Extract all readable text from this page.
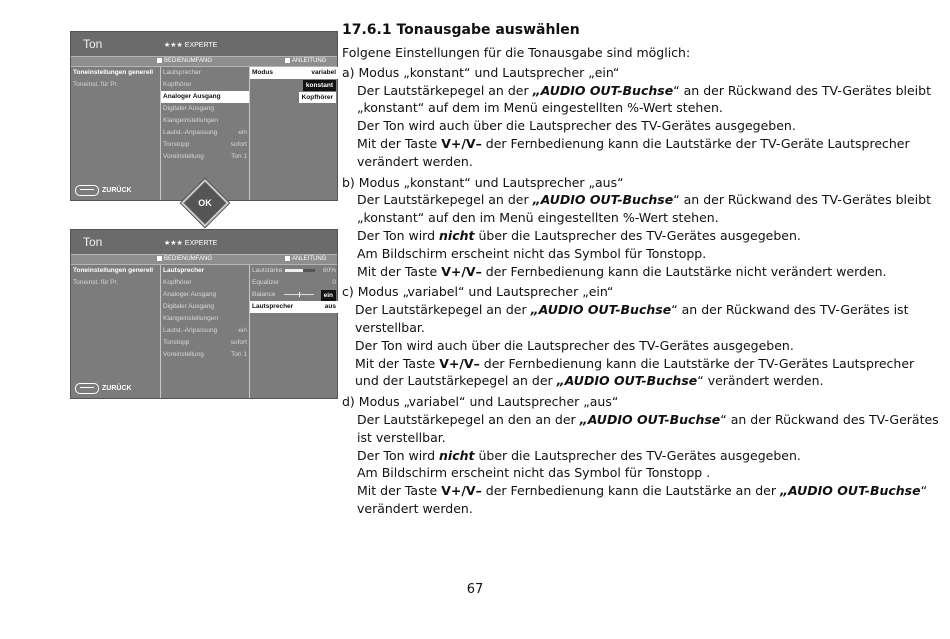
Ton	★★★ EXPERTE
BEDIENUMFANG	ANLEITUNG
Toneinstellungen generell
Toneinst. für Pr.
Lautsprecher
Kopfhörer
Analoger Ausgang
Digitaler Ausgang
Klangeinstellungen
Lautst.-Anpassung	ein
Tonstopp	sofort
Voreinstellung	Ton 1
Modus	variabel
konstant
Kopfhörer
ZURÜCK
OK
Ton	★★★ EXPERTE
BEDIENUMFANG	ANLEITUNG
Toneinstellungen generell
Toneinst. für Pr.
Lautsprecher
Kopfhörer
Analoger Ausgang
Digitaler Ausgang
Klangeinstellungen
Lautst.-Anpassung	ein
Tonstopp	sofort
Voreinstellung	Ton 1
Lautstärke	60%
Equalizer	0
Balance	ein
Lautsprecher	aus
ZURÜCK
17.6.1 Tonausgabe auswählen

Folgene Einstellungen für die Tonausgabe sind möglich:

a) Modus „konstant“ und Lautsprecher „ein“

Der Lautstärkepegel an der „AUDIO OUT-Buchse“ an der Rückwand des TV-Gerätes bleibt

„konstant“ auf dem im Menü eingestellten %-Wert stehen.

Der Ton wird auch über die Lautsprecher des TV-Gerätes ausgegeben.

Mit der Taste V+/V– der Fernbedienung kann die Lautstärke der TV-Geräte Lautsprecher

verändert werden.

b) Modus „konstant“ und Lautsprecher „aus“

Der Lautstärkepegel an der „AUDIO OUT-Buchse“ an der Rückwand des TV-Gerätes bleibt

„konstant“ auf den im Menü eingestellten %-Wert stehen.

Der Ton wird nicht über die Lautsprecher des TV-Gerätes ausgegeben.

Am Bildschirm erscheint nicht das Symbol für Tonstopp.

Mit der Taste V+/V– der Fernbedienung kann die Lautstärke nicht verändert werden.

c) Modus „variabel“ und Lautsprecher „ein“

Der Lautstärkepegel an der „AUDIO OUT-Buchse“ an der Rückwand des TV-Gerätes ist

verstellbar.

Der Ton wird auch über die Lautsprecher des TV-Gerätes ausgegeben.

Mit der Taste V+/V– der Fernbedienung kann die Lautstärke der TV-Gerätes Lautsprecher

und der Lautstärkepegel an der „AUDIO OUT-Buchse“ verändert werden.

d) Modus „variabel“ und Lautsprecher „aus“

Der Lautstärkepegel an den an der „AUDIO OUT-Buchse“ an der Rückwand des TV-Gerätes

ist verstellbar.

Der Ton wird nicht über die Lautsprecher des TV-Gerätes ausgegeben.

Am Bildschirm erscheint nicht das Symbol für Tonstopp .

Mit der Taste V+/V– der Fernbedienung kann die Lautstärke an der „AUDIO OUT-Buchse“

verändert werden.

67
